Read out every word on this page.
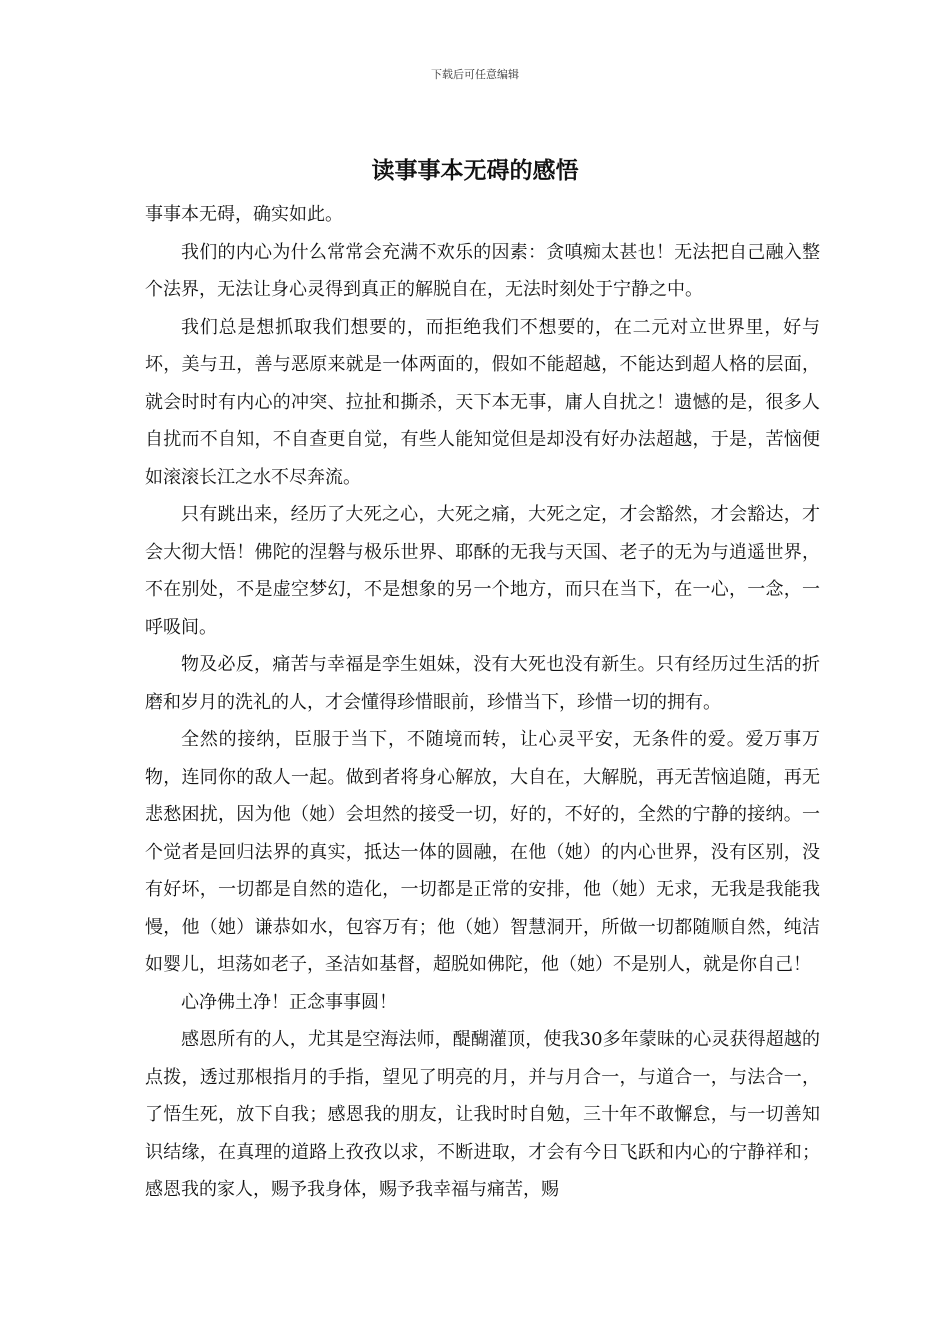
下载后可任意编辑
读事事本无碍的感悟

事事本无碍，确实如此。

我们的内心为什么常常会充满不欢乐的因素：贪嗔痴太甚也！无法把自己融入整个法界，无法让身心灵得到真正的解脱自在，无法时刻处于宁静之中。

我们总是想抓取我们想要的，而拒绝我们不想要的，在二元对立世界里，好与坏，美与丑，善与恶原来就是一体两面的，假如不能超越，不能达到超人格的层面，就会时时有内心的冲突、拉扯和撕杀，天下本无事，庸人自扰之！遗憾的是，很多人自扰而不自知，不自查更自觉，有些人能知觉但是却没有好办法超越，于是，苦恼便如滚滚长江之水不尽奔流。

只有跳出来，经历了大死之心，大死之痛，大死之定，才会豁然，才会豁达，才会大彻大悟！佛陀的涅磐与极乐世界、耶酥的无我与天国、老子的无为与逍遥世界，不在别处，不是虚空梦幻，不是想象的另一个地方，而只在当下，在一心，一念，一呼吸间。

物及必反，痛苦与幸福是孪生姐妹，没有大死也没有新生。只有经历过生活的折磨和岁月的洗礼的人，才会懂得珍惜眼前，珍惜当下，珍惜一切的拥有。

全然的接纳，臣服于当下，不随境而转，让心灵平安，无条件的爱。爱万事万物，连同你的敌人一起。做到者将身心解放，大自在，大解脱，再无苦恼追随，再无悲愁困扰，因为他（她）会坦然的接受一切，好的，不好的，全然的宁静的接纳。一个觉者是回归法界的真实，抵达一体的圆融，在他（她）的内心世界，没有区别，没有好坏，一切都是自然的造化，一切都是正常的安排，他（她）无求，无我是我能我慢，他（她）谦恭如水，包容万有；他（她）智慧洞开，所做一切都随顺自然，纯洁如婴儿，坦荡如老子，圣洁如基督，超脱如佛陀，他（她）不是别人，就是你自己！

心净佛土净！正念事事圆！

感恩所有的人，尤其是空海法师，醍醐灌顶，使我30多年蒙昧的心灵获得超越的点拨，透过那根指月的手指，望见了明亮的月，并与月合一，与道合一，与法合一，了悟生死，放下自我；感恩我的朋友，让我时时自勉，三十年不敢懈怠，与一切善知识结缘，在真理的道路上孜孜以求，不断进取，才会有今日飞跃和内心的宁静祥和；感恩我的家人，赐予我身体，赐予我幸福与痛苦，赐
